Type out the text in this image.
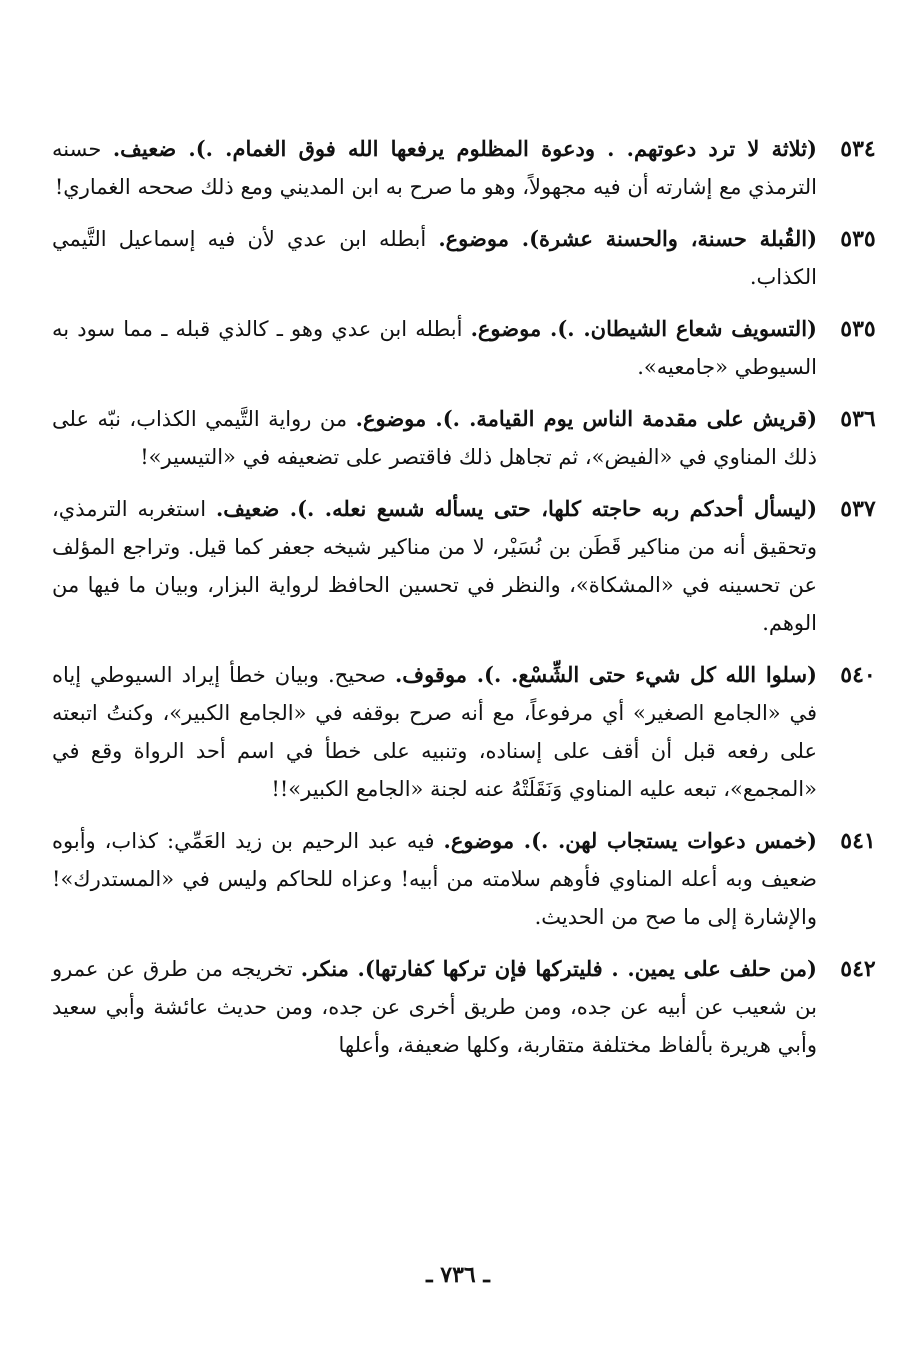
٥٣٤
(ثلاثة لا ترد دعوتهم. . ودعوة المظلوم يرفعها الله فوق الغمام. .). ضعيف. حسنه الترمذي مع إشارته أن فيه مجهولاً، وهو ما صرح به ابن المديني ومع ذلك صححه الغماري!
٥٣٥
(القُبلة حسنة، والحسنة عشرة). موضوع. أبطله ابن عدي لأن فيه إسماعيل التَّيمي الكذاب.
٥٣٥
(التسويف شعاع الشيطان. .). موضوع. أبطله ابن عدي وهو ـ كالذي قبله ـ مما سود به السيوطي «جامعيه».
٥٣٦
(قريش على مقدمة الناس يوم القيامة. .). موضوع. من رواية التَّيمي الكذاب، نبّه على ذلك المناوي في «الفيض»، ثم تجاهل ذلك فاقتصر على تضعيفه في «التيسير»!
٥٣٧
(ليسأل أحدكم ربه حاجته كلها، حتى يسأله شسع نعله. .). ضعيف. استغربه الترمذي، وتحقيق أنه من مناكير قَطَن بن نُسَيْر، لا من مناكير شيخه جعفر كما قيل. وتراجع المؤلف عن تحسينه في «المشكاة»، والنظر في تحسين الحافظ لرواية البزار، وبيان ما فيها من الوهم.
٥٤٠
(سلوا الله كل شيء حتى الشِّسْع. .). موقوف. صحيح. وبيان خطأ إيراد السيوطي إياه في «الجامع الصغير» أي مرفوعاً، مع أنه صرح بوقفه في «الجامع الكبير»، وكنتُ اتبعته على رفعه قبل أن أقف على إسناده، وتنبيه على خطأ في اسم أحد الرواة وقع في «المجمع»، تبعه عليه المناوي وَنَقَلَتْهُ عنه لجنة «الجامع الكبير»!!
٥٤١
(خمس دعوات يستجاب لهن. .). موضوع. فيه عبد الرحيم بن زيد العَمِّي: كذاب، وأبوه ضعيف وبه أعله المناوي فأوهم سلامته من أبيه! وعزاه للحاكم وليس في «المستدرك»! والإشارة إلى ما صح من الحديث.
٥٤٢
(من حلف على يمين. . فليتركها فإن تركها كفارتها). منكر. تخريجه من طرق عن عمرو بن شعيب عن أبيه عن جده، ومن طريق أخرى عن جده، ومن حديث عائشة وأبي سعيد وأبي هريرة بألفاظ مختلفة متقاربة، وكلها ضعيفة، وأعلها
ـ ٧٣٦ ـ
